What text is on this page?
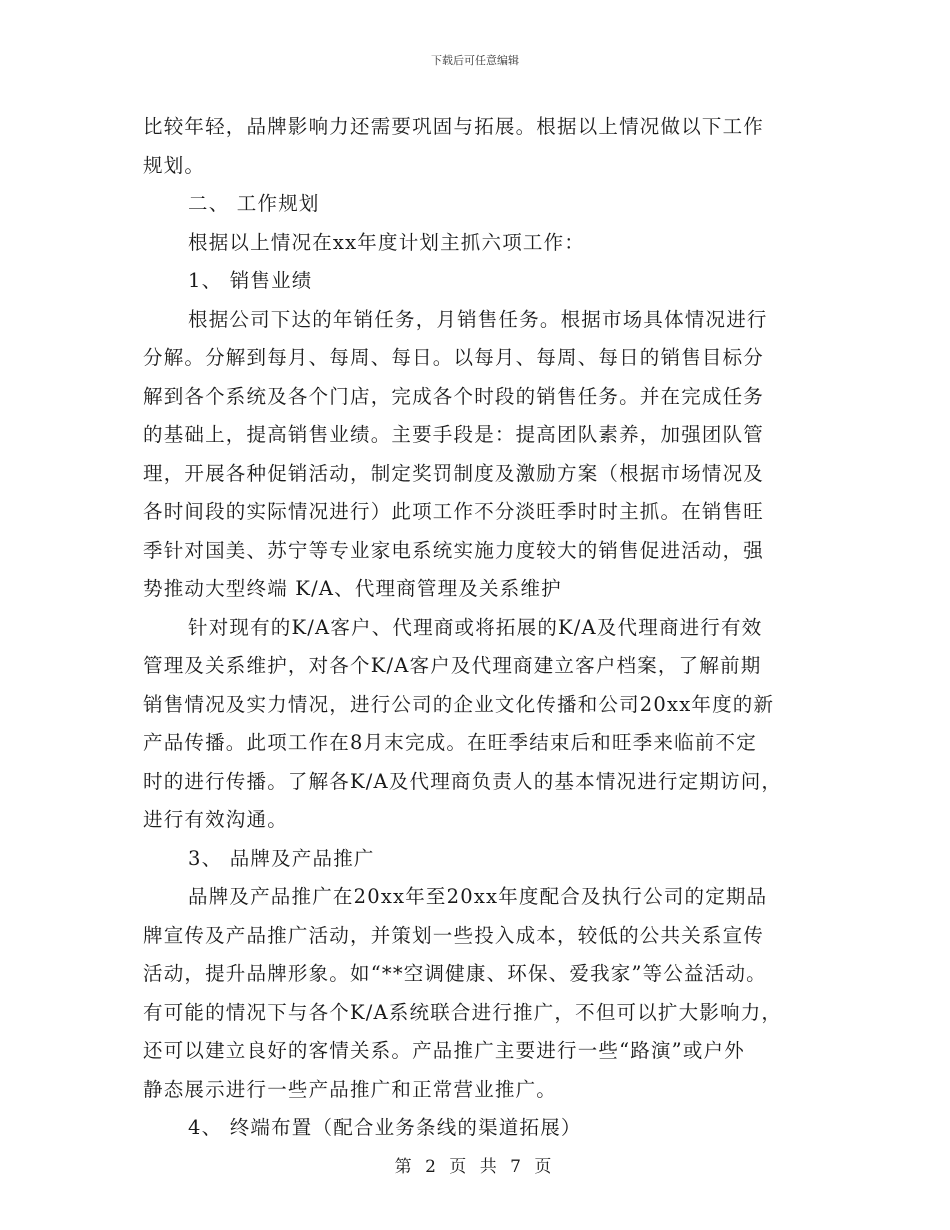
下载后可任意编辑
比较年轻，品牌影响力还需要巩固与拓展。根据以上情况做以下工作
规划。
二、 工作规划
根据以上情况在xx年度计划主抓六项工作：
1、 销售业绩
根据公司下达的年销任务，月销售任务。根据市场具体情况进行
分解。分解到每月、每周、每日。以每月、每周、每日的销售目标分
解到各个系统及各个门店，完成各个时段的销售任务。并在完成任务
的基础上，提高销售业绩。主要手段是：提高团队素养，加强团队管
理，开展各种促销活动，制定奖罚制度及激励方案（根据市场情况及
各时间段的实际情况进行）此项工作不分淡旺季时时主抓。在销售旺
季针对国美、苏宁等专业家电系统实施力度较大的销售促进活动，强
势推动大型终端 K/A、代理商管理及关系维护
针对现有的K/A客户、代理商或将拓展的K/A及代理商进行有效
管理及关系维护，对各个K/A客户及代理商建立客户档案，了解前期
销售情况及实力情况，进行公司的企业文化传播和公司20xx年度的新
产品传播。此项工作在8月末完成。在旺季结束后和旺季来临前不定
时的进行传播。了解各K/A及代理商负责人的基本情况进行定期访问，
进行有效沟通。
3、 品牌及产品推广
品牌及产品推广在20xx年至20xx年度配合及执行公司的定期品
牌宣传及产品推广活动，并策划一些投入成本，较低的公共关系宣传
活动，提升品牌形象。如“**空调健康、环保、爱我家”等公益活动。
有可能的情况下与各个K/A系统联合进行推广，不但可以扩大影响力，
还可以建立良好的客情关系。产品推广主要进行一些“路演”或户外
静态展示进行一些产品推广和正常营业推广。
4、 终端布置（配合业务条线的渠道拓展）
第 2 页 共 7 页
